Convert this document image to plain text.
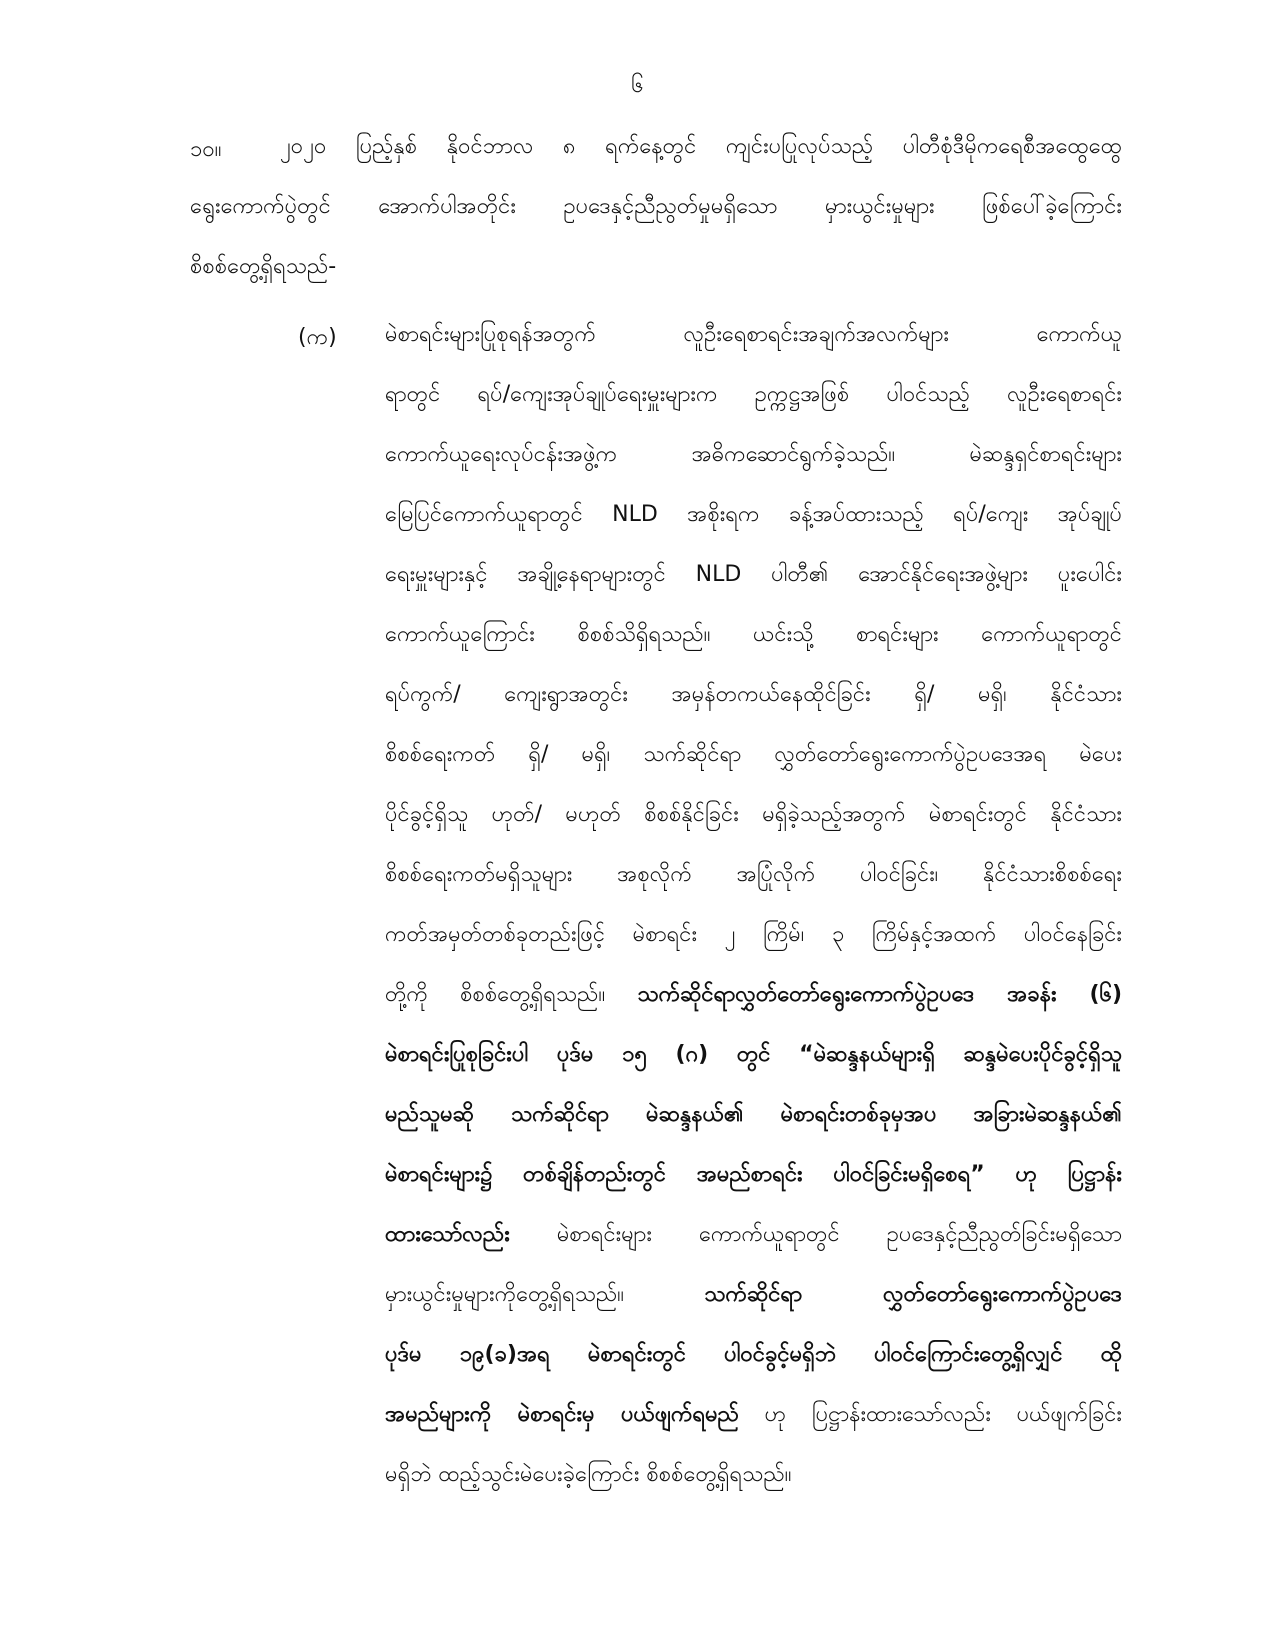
၆
၁၀။	၂၀၂၀ ပြည့်နှစ် နိုဝင်ဘာလ ၈ ရက်နေ့တွင် ကျင်းပပြုလုပ်သည့် ပါတီစုံဒီမိုကရေစီအထွေထွေ
ရွေးကောက်ပွဲတွင် အောက်ပါအတိုင်း ဥပဒေနှင့်ညီညွတ်မှုမရှိသော မှားယွင်းမှုများ ဖြစ်ပေါ်ခဲ့ကြောင်း
စိစစ်တွေ့ရှိရသည်-
(က) မဲစာရင်းများပြုစုရန်အတွက် လူဦးရေစာရင်းအချက်အလက်များ ကောက်ယူ
ရာတွင် ရပ်/ကျေးအုပ်ချုပ်ရေးမှူးများက ဥက္ကဋ္ဌအဖြစ် ပါဝင်သည့် လူဦးရေစာရင်း
ကောက်ယူရေးလုပ်ငန်းအဖွဲ့က အဓိကဆောင်ရွက်ခဲ့သည်။ မဲဆန္ဒရှင်စာရင်းများ
မြေပြင်ကောက်ယူရာတွင် NLD အစိုးရက ခန့်အပ်ထားသည့် ရပ်/ကျေး အုပ်ချုပ်
ရေးမှူးများနှင့် အချို့နေရာများတွင် NLD ပါတီ၏ အောင်နိုင်ရေးအဖွဲ့များ ပူးပေါင်း
ကောက်ယူကြောင်း စိစစ်သိရှိရသည်။ ယင်းသို့ စာရင်းများ ကောက်ယူရာတွင်
ရပ်ကွက်/ ကျေးရွာအတွင်း အမှန်တကယ်နေထိုင်ခြင်း ရှိ/ မရှိ၊ နိုင်ငံသား
စိစစ်ရေးကတ် ရှိ/ မရှိ၊ သက်ဆိုင်ရာ လွှတ်တော်ရွေးကောက်ပွဲဥပဒေအရ မဲပေး
ပိုင်ခွင့်ရှိသူ ဟုတ်/ မဟုတ် စိစစ်နိုင်ခြင်း မရှိခဲ့သည့်အတွက် မဲစာရင်းတွင် နိုင်ငံသား
စိစစ်ရေးကတ်မရှိသူများ အစုလိုက် အပြုံလိုက် ပါဝင်ခြင်း၊ နိုင်ငံသားစိစစ်ရေး
ကတ်အမှတ်တစ်ခုတည်းဖြင့် မဲစာရင်း ၂ ကြိမ်၊ ၃ ကြိမ်နှင့်အထက် ပါဝင်နေခြင်း
တို့ကို စိစစ်တွေ့ရှိရသည်။ သက်ဆိုင်ရာလွှတ်တော်ရွေးကောက်ပွဲဥပဒေ အခန်း (၆)
မဲစာရင်းပြုစုခြင်းပါ ပုဒ်မ ၁၅ (ဂ) တွင် “မဲဆန္ဒနယ်များရှိ ဆန္ဒမဲပေးပိုင်ခွင့်ရှိသူ
မည်သူမဆို သက်ဆိုင်ရာ မဲဆန္ဒနယ်၏ မဲစာရင်းတစ်ခုမှအပ အခြားမဲဆန္ဒနယ်၏
မဲစာရင်းများ၌ တစ်ချိန်တည်းတွင် အမည်စာရင်း ပါဝင်ခြင်းမရှိစေရ” ဟု ပြဋ္ဌာန်း
ထားသော်လည်း မဲစာရင်းများ ကောက်ယူရာတွင် ဥပဒေနှင့်ညီညွတ်ခြင်းမရှိသော
မှားယွင်းမှုများကိုတွေ့ရှိရသည်။ သက်ဆိုင်ရာ လွှတ်တော်ရွေးကောက်ပွဲဥပဒေ
ပုဒ်မ ၁၉(ခ)အရ မဲစာရင်းတွင် ပါဝင်ခွင့်မရှိဘဲ ပါဝင်ကြောင်းတွေ့ရှိလျှင် ထို
အမည်များကို မဲစာရင်းမှ ပယ်ဖျက်ရမည် ဟု ပြဋ္ဌာန်းထားသော်လည်း ပယ်ဖျက်ခြင်း
မရှိဘဲ ထည့်သွင်းမဲပေးခဲ့ကြောင်း စိစစ်တွေ့ရှိရသည်။
